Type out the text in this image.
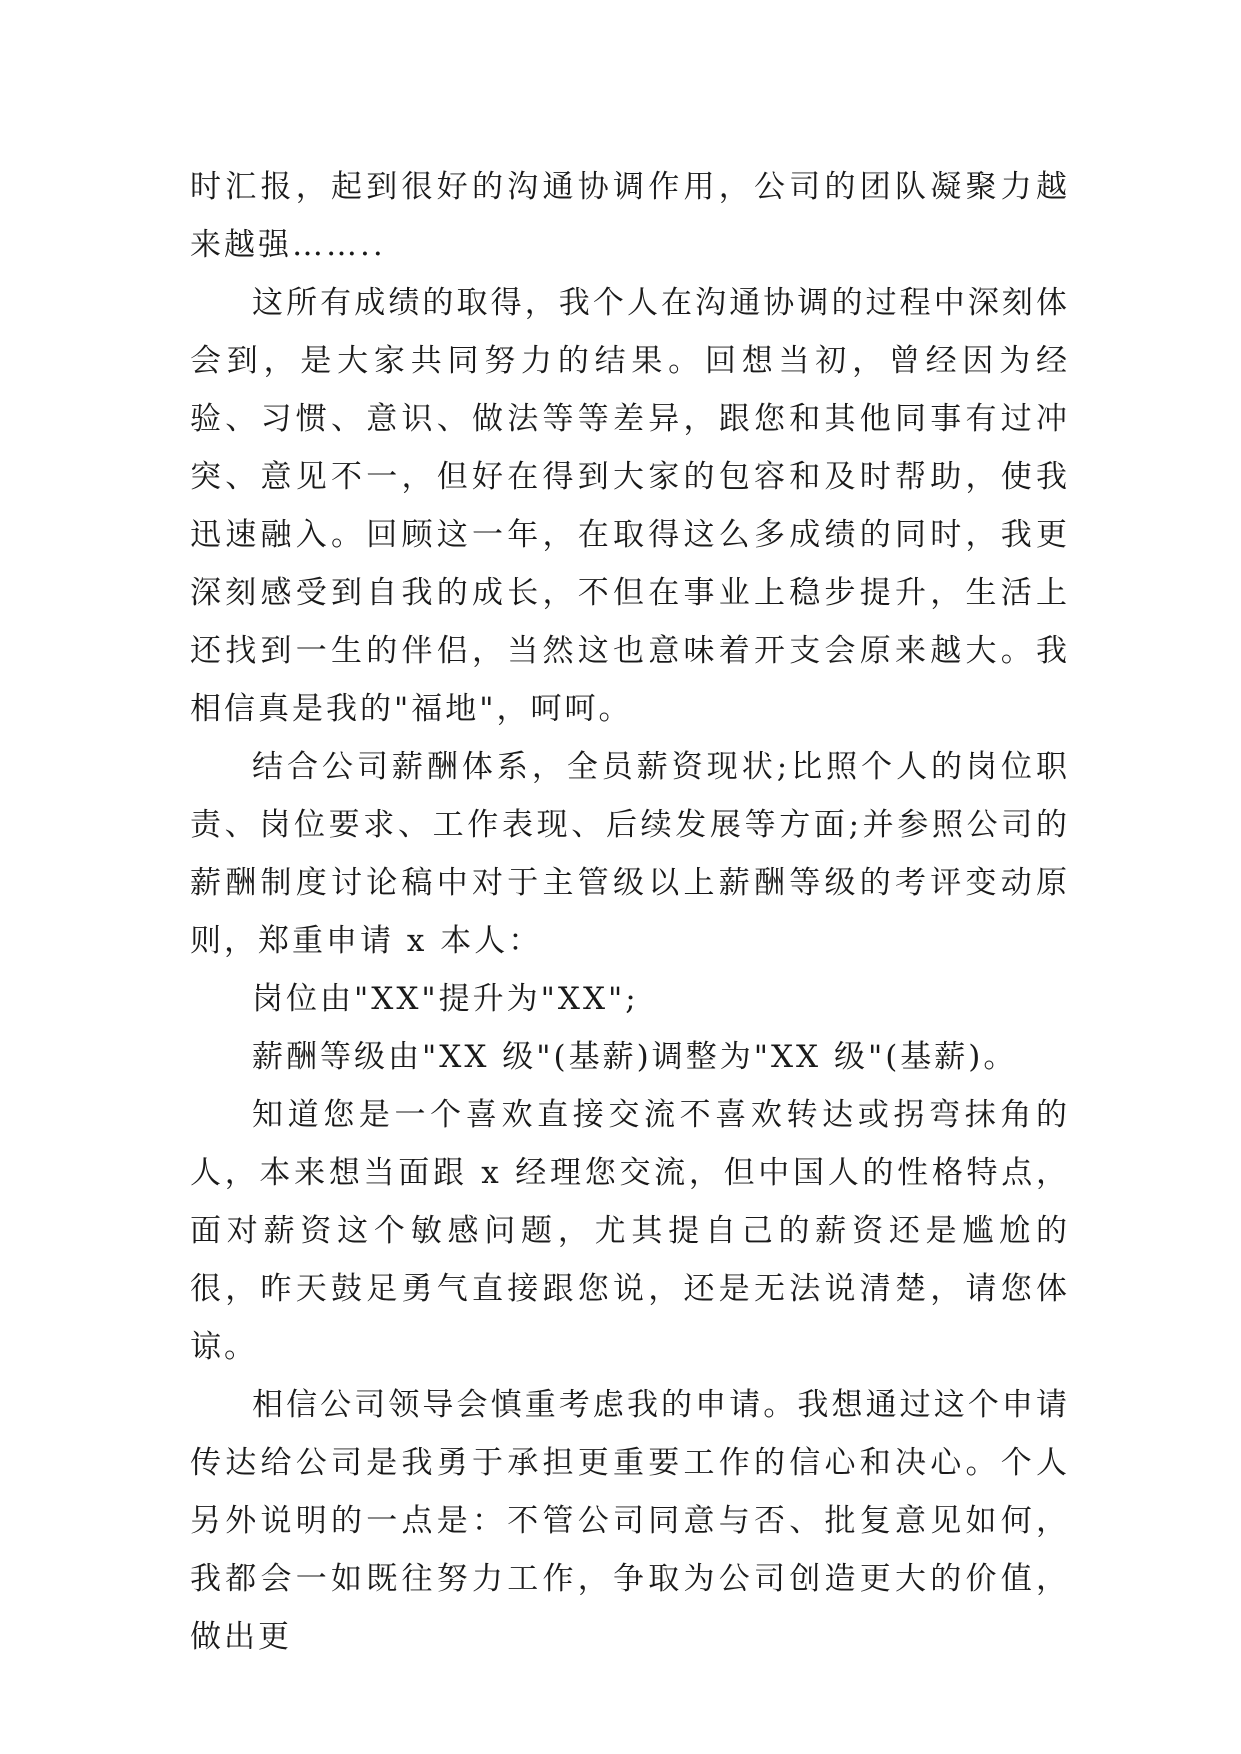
时汇报，起到很好的沟通协调作用，公司的团队凝聚力越来越强……..

这所有成绩的取得，我个人在沟通协调的过程中深刻体会到，是大家共同努力的结果。回想当初，曾经因为经验、习惯、意识、做法等等差异，跟您和其他同事有过冲突、意见不一，但好在得到大家的包容和及时帮助，使我迅速融入。回顾这一年，在取得这么多成绩的同时，我更深刻感受到自我的成长，不但在事业上稳步提升，生活上还找到一生的伴侣，当然这也意味着开支会原来越大。我相信真是我的"福地"，呵呵。

结合公司薪酬体系，全员薪资现状;比照个人的岗位职责、岗位要求、工作表现、后续发展等方面;并参照公司的薪酬制度讨论稿中对于主管级以上薪酬等级的考评变动原则，郑重申请 x 本人：

岗位由"XX"提升为"XX";

薪酬等级由"XX 级"(基薪)调整为"XX 级"(基薪)。

知道您是一个喜欢直接交流不喜欢转达或拐弯抹角的人，本来想当面跟 x 经理您交流，但中国人的性格特点，面对薪资这个敏感问题，尤其提自己的薪资还是尴尬的很，昨天鼓足勇气直接跟您说，还是无法说清楚，请您体谅。

相信公司领导会慎重考虑我的申请。我想通过这个申请传达给公司是我勇于承担更重要工作的信心和决心。个人另外说明的一点是：不管公司同意与否、批复意见如何，我都会一如既往努力工作，争取为公司创造更大的价值，做出更
